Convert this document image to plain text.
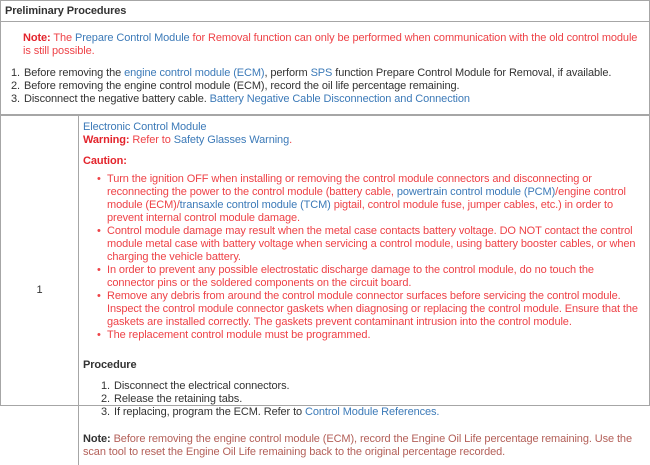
Preliminary Procedures
Note: The Prepare Control Module for Removal function can only be performed when communication with the old control module is still possible.
1. Before removing the engine control module (ECM), perform SPS function Prepare Control Module for Removal, if available.
2. Before removing the engine control module (ECM), record the oil life percentage remaining.
3. Disconnect the negative battery cable. Battery Negative Cable Disconnection and Connection
1
Electronic Control Module
Warning: Refer to Safety Glasses Warning.
Caution:
• Turn the ignition OFF when installing or removing the control module connectors and disconnecting or reconnecting the power to the control module (battery cable, powertrain control module (PCM)/engine control module (ECM)/transaxle control module (TCM) pigtail, control module fuse, jumper cables, etc.) in order to prevent internal control module damage.
• Control module damage may result when the metal case contacts battery voltage. DO NOT contact the control module metal case with battery voltage when servicing a control module, using battery booster cables, or when charging the vehicle battery.
• In order to prevent any possible electrostatic discharge damage to the control module, do no touch the connector pins or the soldered components on the circuit board.
• Remove any debris from around the control module connector surfaces before servicing the control module. Inspect the control module connector gaskets when diagnosing or replacing the control module. Ensure that the gaskets are installed correctly. The gaskets prevent contaminant intrusion into the control module.
• The replacement control module must be programmed.
Procedure
1. Disconnect the electrical connectors.
2. Release the retaining tabs.
3. If replacing, program the ECM. Refer to Control Module References.
Note: Before removing the engine control module (ECM), record the Engine Oil Life percentage remaining. Use the scan tool to reset the Engine Oil Life remaining back to the original percentage recorded.
